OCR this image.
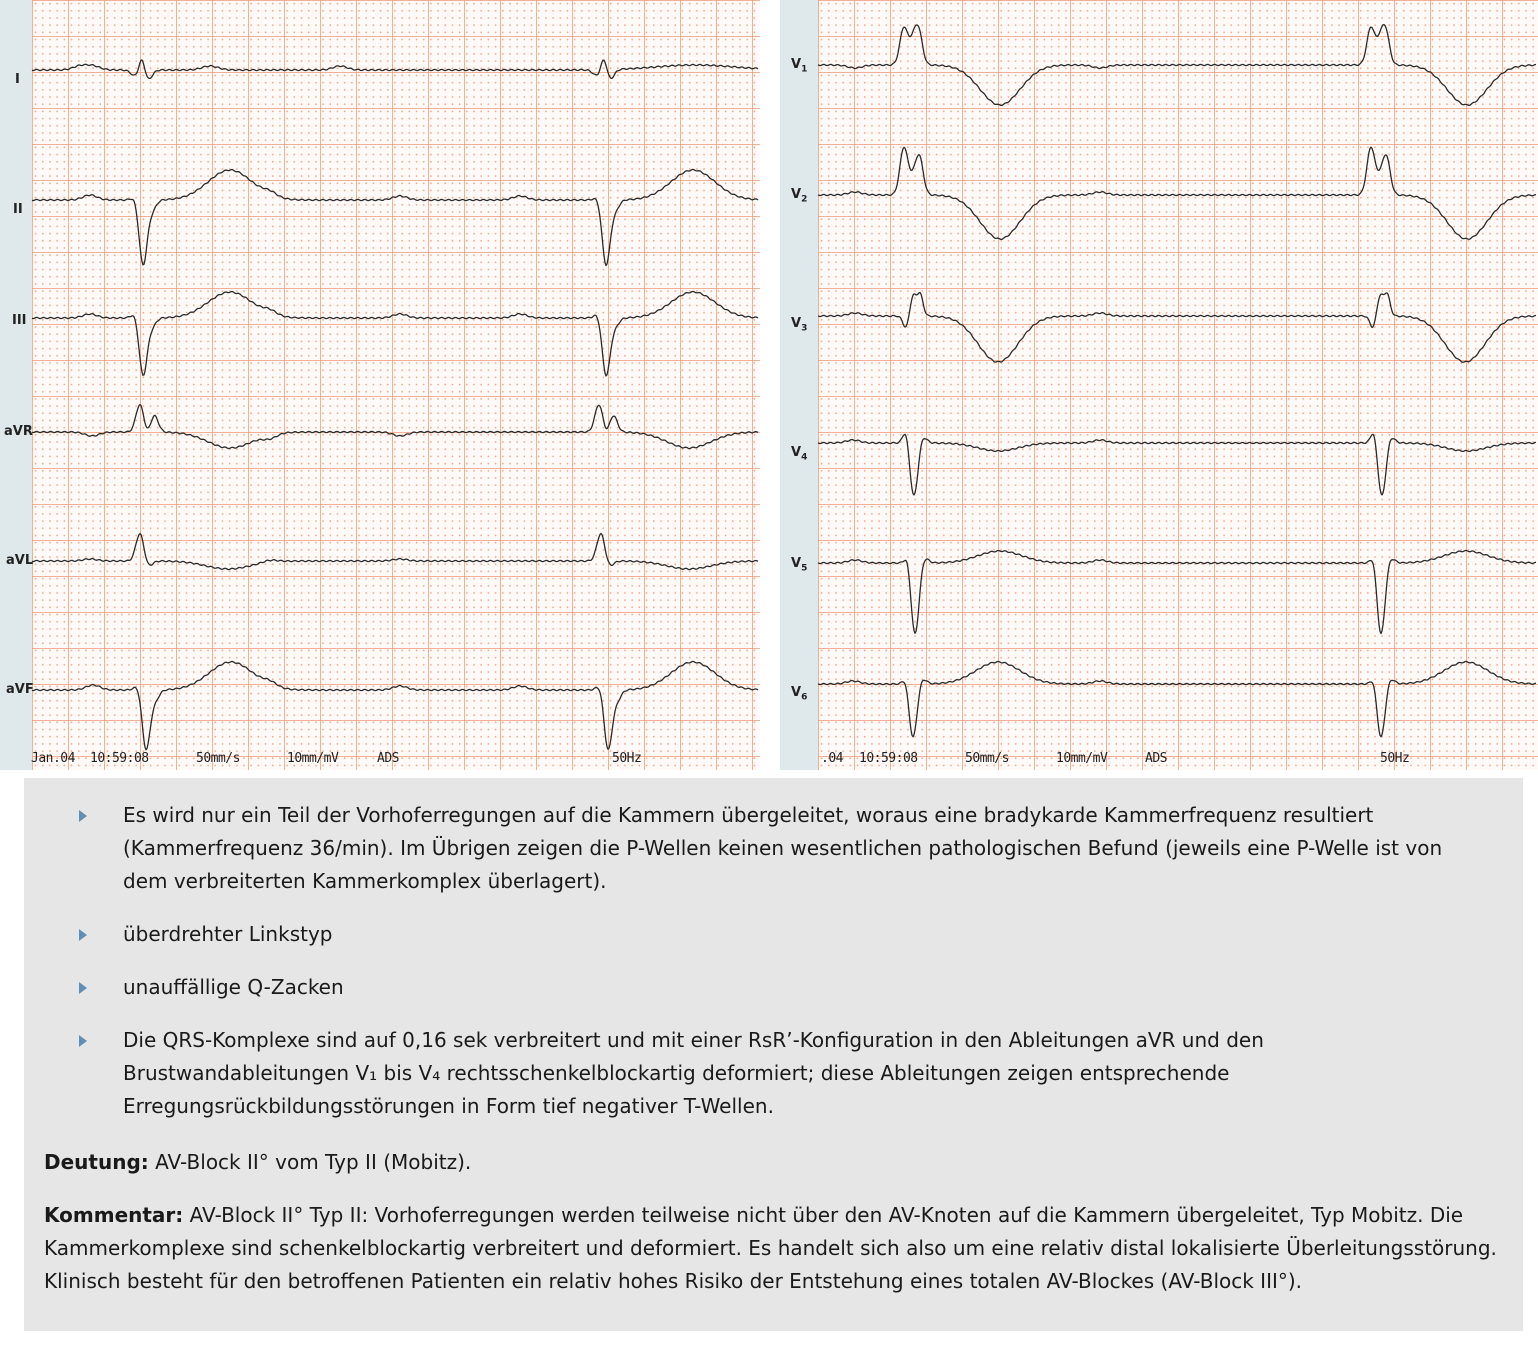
I
II
III
aVR
aVL
aVF
Jan.04 10:59:08	50mm/s	10mm/mV	ADS	50Hz
$V_1$
$V_2$
$V_3$
$V_4$
$V_5$
$V_6$
.04 10:59:08	50mm/s	10mm/mV	ADS	50Hz
Es wird nur ein Teil der Vorhoferregungen auf die Kammern übergeleitet, woraus eine bradykarde Kammerfrequenz resultiert (Kammerfrequenz 36/min). Im Übrigen zeigen die P-Wellen keinen wesentlichen pathologischen Befund (jeweils eine P-Welle ist von dem verbreiterten Kammerkomplex überlagert).
überdrehter Linkstyp
unauffällige Q-Zacken
Die QRS-Komplexe sind auf 0,16 sek verbreitert und mit einer RsR’-Konfiguration in den Ableitungen aVR und den Brustwandableitungen V₁ bis V₄ rechtsschenkelblockartig deformiert; diese Ableitungen zeigen entsprechende Erregungsrückbildungsstörungen in Form tief negativer T-Wellen.

Deutung: AV-Block II° vom Typ II (Mobitz).

Kommentar: AV-Block II° Typ II: Vorhoferregungen werden teilweise nicht über den AV-Knoten auf die Kammern übergeleitet, Typ Mobitz. Die Kammerkomplexe sind schenkelblockartig verbreitert und deformiert. Es handelt sich also um eine relativ distal lokalisierte Überleitungsstörung. Klinisch besteht für den betroffenen Patienten ein relativ hohes Risiko der Entstehung eines totalen AV-Blockes (AV-Block III°).
